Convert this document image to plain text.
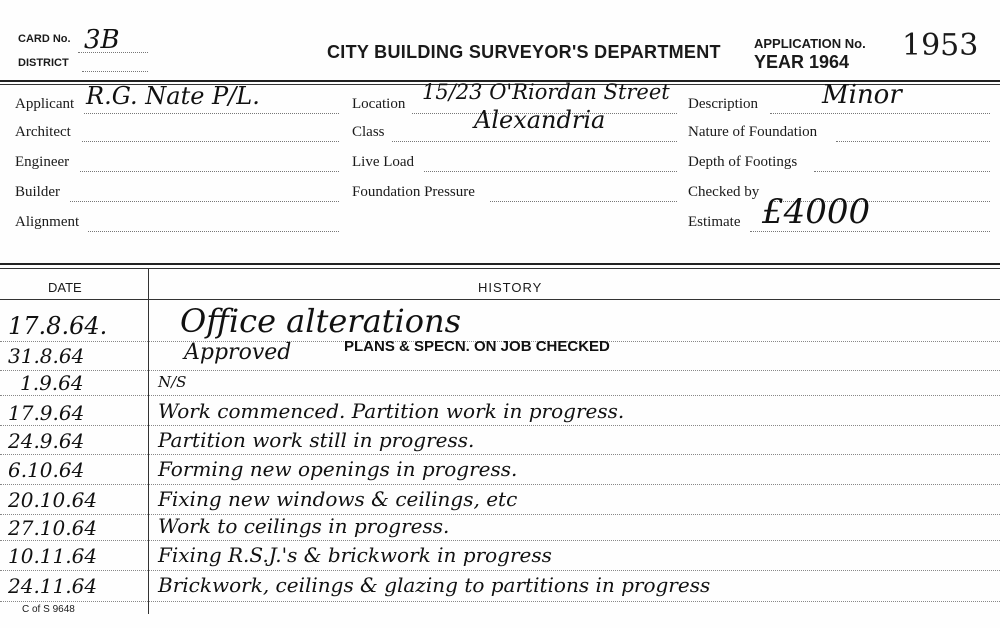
CARD No. 3B
DISTRICT
CITY BUILDING SURVEYOR'S DEPARTMENT	APPLICATION No. 1953
YEAR 1964
Applicant R.G. Nate P/L.
Architect
Engineer
Builder
Alignment
Location 15/23 O'Riordan Street
Class	Alexandria
Live Load
Foundation Pressure
Description Minor
Nature of Foundation
Depth of Footings
Checked by
Estimate £4000
DATE	HISTORY
17.8.64.	Office alterations
31.8.64	Approved	PLANS & SPECN. ON JOB CHECKED
1.9.64	N/S
17.9.64	Work commenced. Partition work in progress.
24.9.64	Partition work still in progress.
6.10.64	Forming new openings in progress.
20.10.64	Fixing new windows & ceilings, etc
27.10.64	Work to ceilings in progress.
10.11.64	Fixing R.S.J.'s & brickwork in progress
24.11.64	Brickwork, ceilings & glazing to partitions in progress
C of S 9648
